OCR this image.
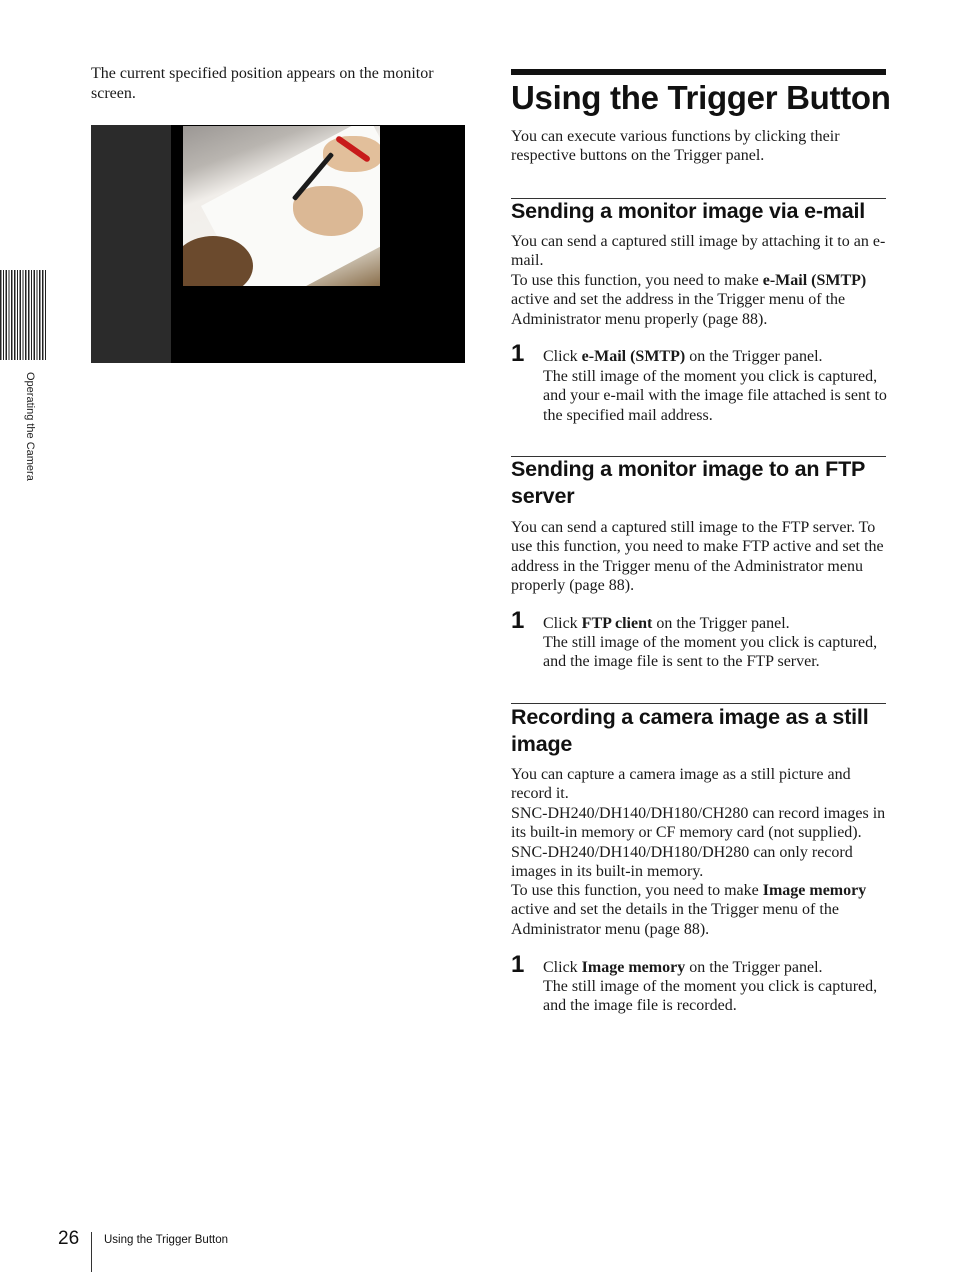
The current specified position appears on the monitor screen.
Operating the Camera
Using the Trigger Button
You can execute various functions by clicking their respective buttons on the Trigger panel.
Sending a monitor image via e-mail
You can send a captured still image by attaching it to an e-mail.
To use this function, you need to make e-Mail (SMTP) active and set the address in the Trigger menu of the Administrator menu properly (page 88).
1 Click e-Mail (SMTP) on the Trigger panel.
The still image of the moment you click is captured, and your e-mail with the image file attached is sent to the specified mail address.
Sending a monitor image to an FTP server
You can send a captured still image to the FTP server. To use this function, you need to make FTP active and set the address in the Trigger menu of the Administrator menu properly (page 88).
1 Click FTP client on the Trigger panel.
The still image of the moment you click is captured, and the image file is sent to the FTP server.
Recording a camera image as a still image
You can capture a camera image as a still picture and record it.
SNC-DH240/DH140/DH180/CH280 can record images in its built-in memory or CF memory card (not supplied). SNC-DH240/DH140/DH180/DH280 can only record images in its built-in memory.
To use this function, you need to make Image memory active and set the details in the Trigger menu of the Administrator menu (page 88).
1 Click Image memory on the Trigger panel.
The still image of the moment you click is captured, and the image file is recorded.
26 Using the Trigger Button
